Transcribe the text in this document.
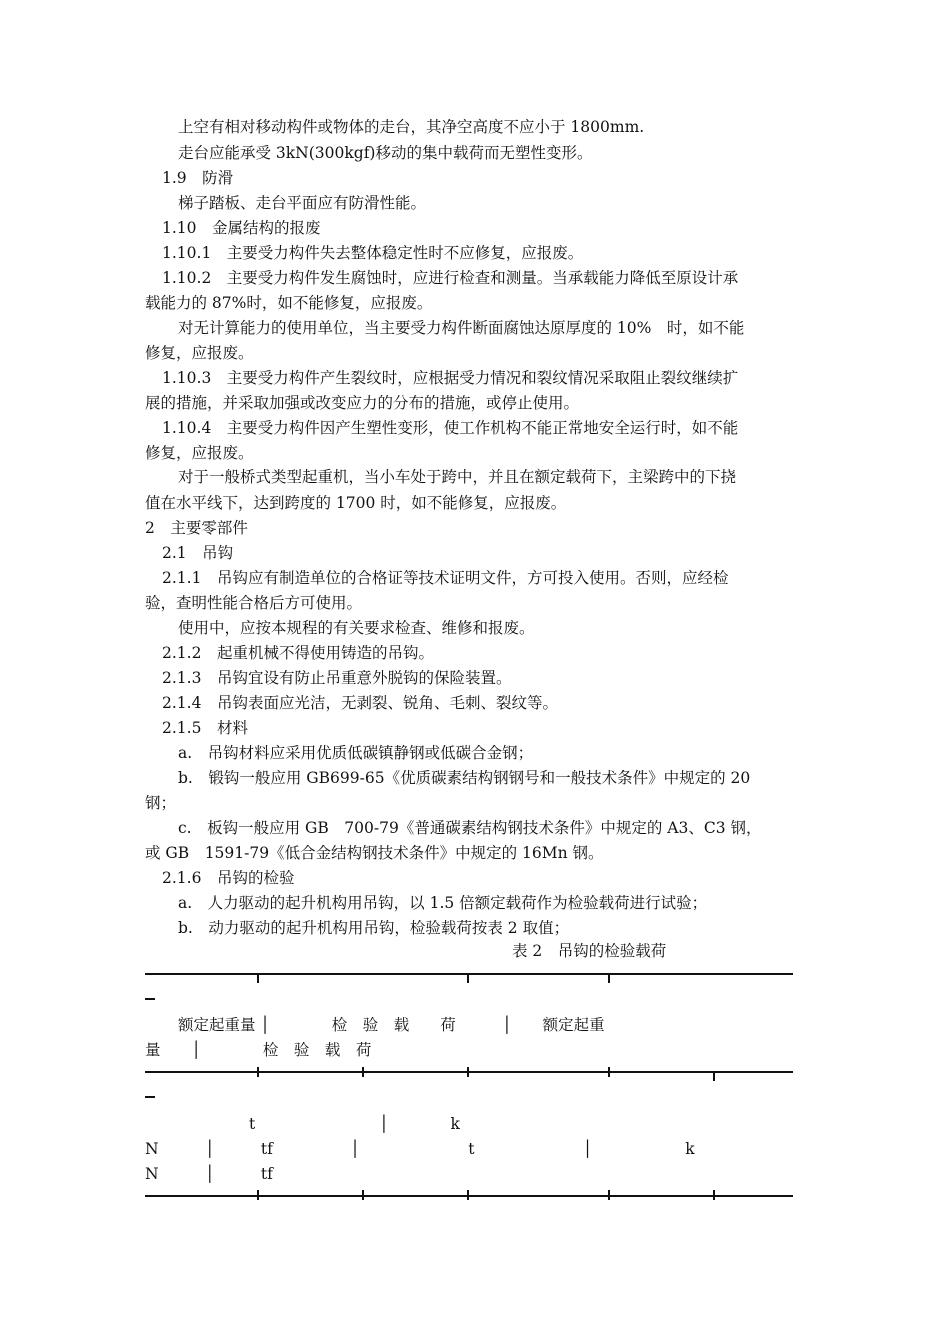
上空有相对移动构件或物体的走台，其净空高度不应小于 1800mm.
走台应能承受 3kN(300kgf)移动的集中载荷而无塑性变形。
1.9　防滑
梯子踏板、走台平面应有防滑性能。
1.10　金属结构的报废
1.10.1　主要受力构件失去整体稳定性时不应修复，应报废。
1.10.2　主要受力构件发生腐蚀时，应进行检查和测量。当承载能力降低至原设计承
载能力的 87%时，如不能修复，应报废。
对无计算能力的使用单位，当主要受力构件断面腐蚀达原厚度的 10%　时，如不能
修复，应报废。
1.10.3　主要受力构件产生裂纹时，应根据受力情况和裂纹情况采取阻止裂纹继续扩
展的措施，并采取加强或改变应力的分布的措施，或停止使用。
1.10.4　主要受力构件因产生塑性变形，使工作机构不能正常地安全运行时，如不能
修复，应报废。
对于一般桥式类型起重机，当小车处于跨中，并且在额定载荷下，主梁跨中的下挠
值在水平线下，达到跨度的 1700 时，如不能修复，应报废。
2　主要零部件
2.1　吊钩
2.1.1　吊钩应有制造单位的合格证等技术证明文件，方可投入使用。否则，应经检
验，查明性能合格后方可使用。
使用中，应按本规程的有关要求检查、维修和报废。
2.1.2　起重机械不得使用铸造的吊钩。
2.1.3　吊钩宜设有防止吊重意外脱钩的保险装置。
2.1.4　吊钩表面应光洁，无剥裂、锐角、毛刺、裂纹等。
2.1.5　材料
a.　吊钩材料应采用优质低碳镇静钢或低碳合金钢；
b.　锻钩一般应用 GB699-65《优质碳素结构钢钢号和一般技术条件》中规定的 20
钢；
c.　板钩一般应用 GB　700-79《普通碳素结构钢技术条件》中规定的 A3、C3 钢，
或 GB　1591-79《低合金结构钢技术条件》中规定的 16Mn 钢。
2.1.6　吊钩的检验
a.　人力驱动的起升机构用吊钩，以 1.5 倍额定载荷作为检验载荷进行试验；
b.　动力驱动的起升机构用吊钩，检验载荷按表 2 取值；
表 2　吊钩的检验载荷
额定起重量 │　　　　检　验　载　　荷　　　│　　额定起重
量　　│　　　　检　验　载　荷
t　　　　　　　　│　　　　k
N　　　│　　　tf　　　　　│　　　　　　　t　　　　　　　│　　　　　　k
N　　　│　　　tf
